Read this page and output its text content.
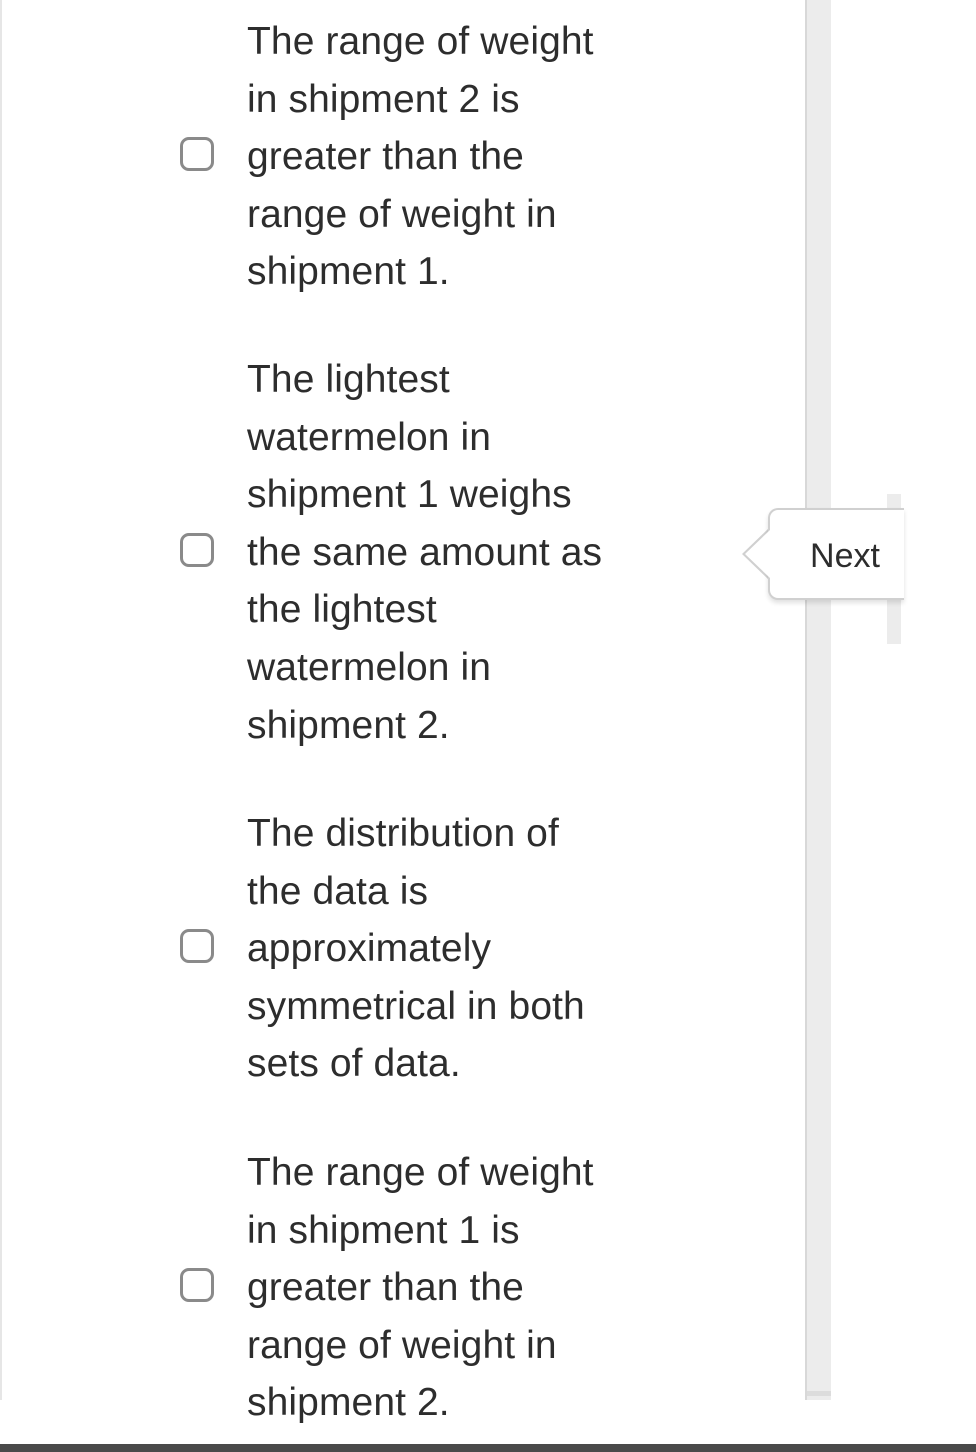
The range of weight
in shipment 2 is
greater than the
range of weight in
shipment 1.
The lightest
watermelon in
shipment 1 weighs
the same amount as
the lightest
watermelon in
shipment 2.
The distribution of
the data is
approximately
symmetrical in both
sets of data.
The range of weight
in shipment 1 is
greater than the
range of weight in
shipment 2.
Next
